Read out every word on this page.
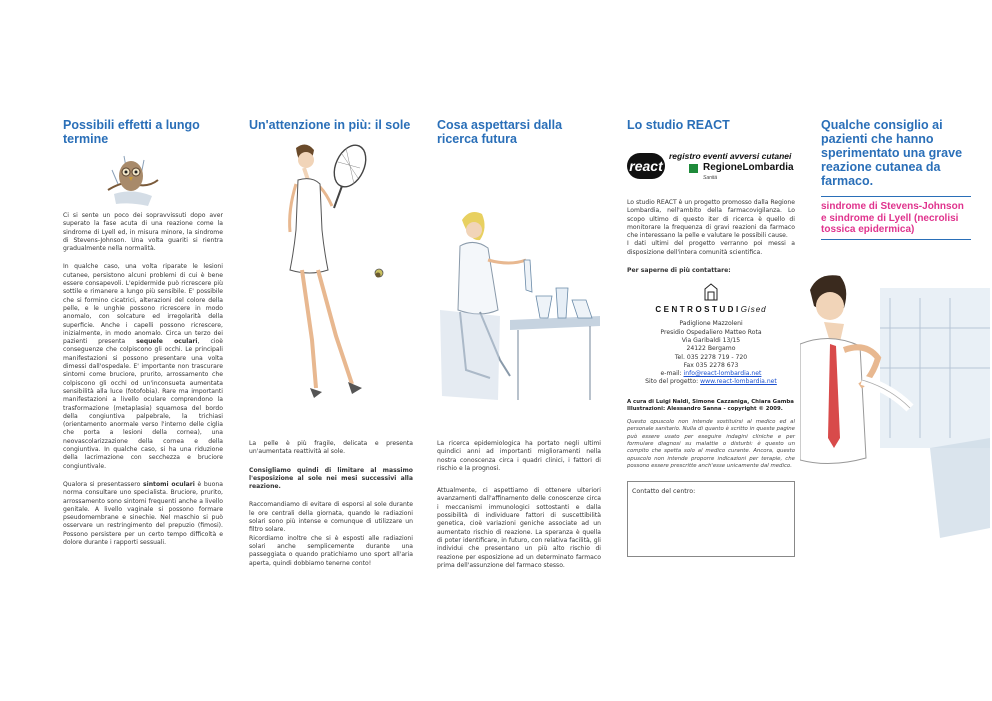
Possibili effetti a lungo termine

Ci si sente un poco dei sopravvissuti dopo aver superato la fase acuta di una reazione come la sindrome di Lyell ed, in misura minore, la sindrome di Stevens-Johnson. Una volta guariti si rientra gradualmente nella normalità.

In qualche caso, una volta riparate le lesioni cutanee, persistono alcuni problemi di cui è bene essere consapevoli. L'epidermide può ricrescere più sottile e rimanere a lungo più sensibile. E' possibile che si formino cicatrici, alterazioni del colore della pelle, e le unghie possono ricrescere in modo anomalo, con solcature ed irregolarità della superficie. Anche i capelli possono ricrescere, inizialmente, in modo anomalo. Circa un terzo dei pazienti presenta sequele oculari, cioè conseguenze che colpiscono gli occhi. Le principali manifestazioni si possono presentare una volta dimessi dall'ospedale. E' importante non trascurare sintomi come bruciore, prurito, arrossamento che colpiscono gli occhi od un'inconsueta aumentata sensibilità alla luce (fotofobia). Rare ma importanti manifestazioni a livello oculare comprendono la trasformazione (metaplasia) squamosa del bordo della congiuntiva palpebrale, la trichiasi (orientamento anormale verso l'interno delle ciglia che porta a lesioni della cornea), una neovascolarizzazione della cornea e della congiuntiva. In qualche caso, si ha una riduzione della lacrimazione con secchezza e bruciore congiuntivale.

Qualora si presentassero sintomi oculari è buona norma consultare uno specialista. Bruciore, prurito, arrossamento sono sintomi frequenti anche a livello genitale. A livello vaginale si possono formare pseudomembrane e sinechie. Nel maschio si può osservare un restringimento del prepuzio (fimosi). Possono persistere per un certo tempo difficoltà e dolore durante i rapporti sessuali.

Un'attenzione in più: il sole

La pelle è più fragile, delicata e presenta un'aumentata reattività al sole.

Consigliamo quindi di limitare al massimo l'esposizione al sole nei mesi successivi alla reazione.

Raccomandiamo di evitare di esporsi al sole durante le ore centrali della giornata, quando le radiazioni solari sono più intense e comunque di utilizzare un filtro solare.

Ricordiamo inoltre che si è esposti alle radiazioni solari anche semplicemente durante una passeggiata o quando pratichiamo uno sport all'aria aperta, quindi dobbiamo tenerne conto!

Cosa aspettarsi dalla ricerca futura

La ricerca epidemiologica ha portato negli ultimi quindici anni ad importanti miglioramenti nella nostra conoscenza circa i quadri clinici, i fattori di rischio e la prognosi.

Attualmente, ci aspettiamo di ottenere ulteriori avanzamenti dall'affinamento delle conoscenze circa i meccanismi immunologici sottostanti e dalla possibilità di individuare fattori di suscettibilità genetica, cioè variazioni geniche associate ad un aumentato rischio di reazione. La speranza è quella di poter identificare, in futuro, con relativa facilità, gli individui che presentano un più alto rischio di reazione per esposizione ad un determinato farmaco prima dell'assunzione del farmaco stesso.

Lo studio REACT
react
registro eventi avversi cutanei
RegioneLombardia
Sanità

Lo studio REACT è un progetto promosso dalla Regione Lombardia, nell'ambito della farmacovigilanza. Lo scopo ultimo di questo iter di ricerca è quello di monitorare la frequenza di gravi reazioni da farmaco che interessano la pelle e valutare le possibili cause.

I dati ultimi del progetto verranno poi messi a disposizione dell'intera comunità scientifica.

Per saperne di più contattare:

CENTROSTUDIGised
Padiglione Mazzoleni
Presidio Ospedaliero Matteo Rota
Via Garibaldi 13/15
24122 Bergamo
Tel. 035 2278 719 - 720
Fax 035 2278 673
e-mail: info@react-lombardia.net
Sito del progetto: www.react-lombardia.net
A cura di Luigi Naldi, Simone Cazzaniga, Chiara Gamba
Illustrazioni: Alessandro Sanna - copyright © 2009.

Questo opuscolo non intende sostituirsi al medico ed al personale sanitario. Nulla di quanto è scritto in queste pagine può essere usato per eseguire indagini cliniche e per formulare diagnosi su malattie o disturbi: è questo un compito che spetta solo al medico curante. Ancora, questo opuscolo non intende proporre indicazioni per terapie, che possono essere prescritte anch'esse unicamente dal medico.

Contatto del centro:
Qualche consiglio ai pazienti che hanno sperimentato una grave reazione cutanea da farmaco.

sindrome di Stevens-Johnson e sindrome di Lyell (necrolisi tossica epidermica)
